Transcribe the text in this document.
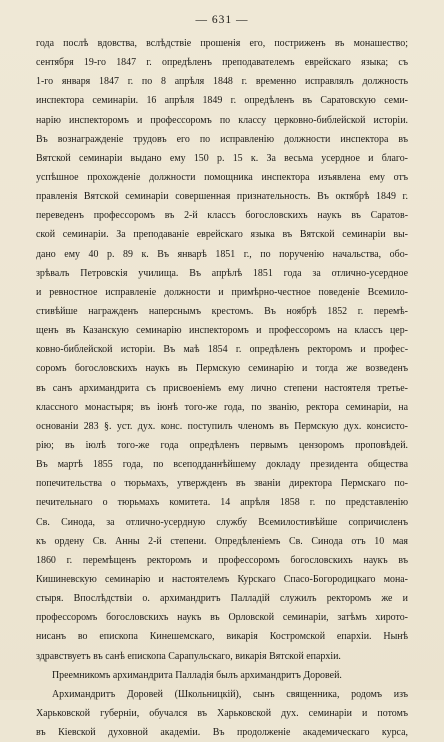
— 631 —
года послѣ вдовства, вслѣдствіе прошенія его, постриженъ въ монашество;
сентября 19-го 1847 г. опредѣленъ преподавателемъ еврейскаго языка; съ
1-го января 1847 г. по 8 апрѣля 1848 г. временно исправлялъ должность
инспектора семинаріи. 16 апрѣля 1849 г. опредѣленъ въ Саратовскую семи-
нарію инспекторомъ и профессоромъ по классу церковно-библейской исторіи.
Въ вознагражденіе трудовъ его по исправленію должности инспектора въ
Вятской семинаріи выдано ему 150 р. 15 к. За весьма усердное и благо-
успѣшное прохожденіе должности помощника инспектора изъявлена ему отъ
правленія Вятской семинаріи совершенная признательность. Въ октябрѣ 1849 г.
переведенъ профессоромъ въ 2-й классъ богословскихъ наукъ въ Саратов-
ской семинаріи. За преподаваніе еврейскаго языка въ Вятской семинаріи вы-
дано ему 40 р. 89 к. Въ январѣ 1851 г., по порученію начальства, обо-
зрѣвалъ Петровскія училища. Въ апрѣлѣ 1851 года за отлично-усердное
и ревностное исправленіе должности и примѣрно-честное поведеніе Всемило-
стивѣйше награжденъ наперснымъ крестомъ. Въ ноябрѣ 1852 г. перемѣ-
щенъ въ Казанскую семинарію инспекторомъ и профессоромъ на классъ цер-
ковно-библейской исторіи. Въ маѣ 1854 г. опредѣленъ ректоромъ и профес-
соромъ богословскихъ наукъ въ Пермскую семинарію и тогда же возведенъ
въ санъ архимандрита съ присвоеніемъ ему лично степени настоятеля третье-
классного монастыря; въ іюнѣ того-же года, по званію, ректора семинаріи, на
основаніи 283 §. уст. дух. конс. поступилъ членомъ въ Пермскую дух. консисто-
рію; въ іюлѣ того-же года опредѣленъ первымъ цензоромъ проповѣдей.
Въ мартѣ 1855 года, по всеподданнѣйшему докладу президента общества
попечительства о тюрьмахъ, утвержденъ въ званіи директора Пермскаго по-
печительнаго о тюрьмахъ комитета. 14 апрѣля 1858 г. по представленію
Св. Синода, за отлично-усердную службу Всемилостивѣйше сопричисленъ
къ ордену Св. Анны 2-й степени. Опредѣленіемъ Св. Синода отъ 10 мая
1860 г. перемѣщенъ ректоромъ и профессоромъ богословскихъ наукъ въ
Кишиневскую семинарію и настоятелемъ Курскаго Спасо-Богородицкаго мона-
стыря. Впослѣдствіи о. архимандритъ Палладій служилъ ректоромъ же и
профессоромъ богословскихъ наукъ въ Орловской семинаріи, затѣмъ хирото-
нисанъ во епископа Кинешемскаго, викарія Костромской епархіи. Нынѣ
здравствуетъ въ санѣ епископа Сарапульскаго, викарія Вятской епархіи.
Преемникомъ архимандрита Палладія былъ архимандритъ Доровей.
Архимандритъ Доровей (Школьницкій), сынъ священника, родомъ изъ
Харьковской губерніи, обучался въ Харьковской дух. семинаріи и потомъ
въ Кіевской духовной академіи. Въ продолженіе академическаго курса,
